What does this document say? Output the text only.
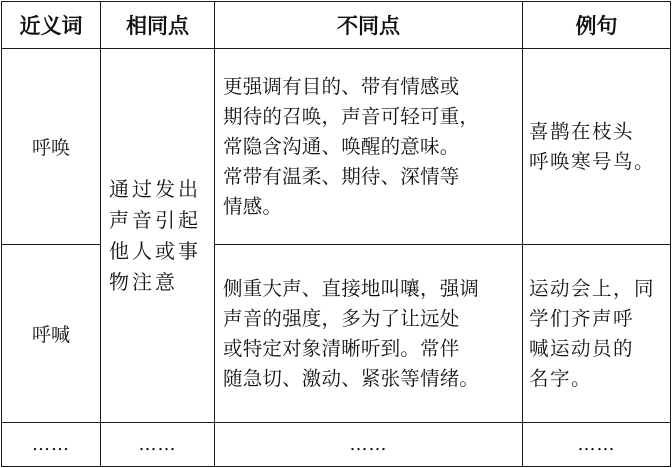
近义词	相同点	不同点	例句
呼唤	通过发出
声音引起
他人或事
物注意	更强调有目的、带有情感或
期待的召唤，声音可轻可重，
常隐含沟通、唤醒的意味。
常带有温柔、期待、深情等
情感。	喜鹊在枝头
呼唤寒号鸟。

呼喊		侧重大声、直接地叫嚷，强调
声音的强度，多为了让远处
或特定对象清晰听到。常伴
随急切、激动、紧张等情绪。	运动会上，同
学们齐声呼
喊运动员的
名字。

……	……	……	……
